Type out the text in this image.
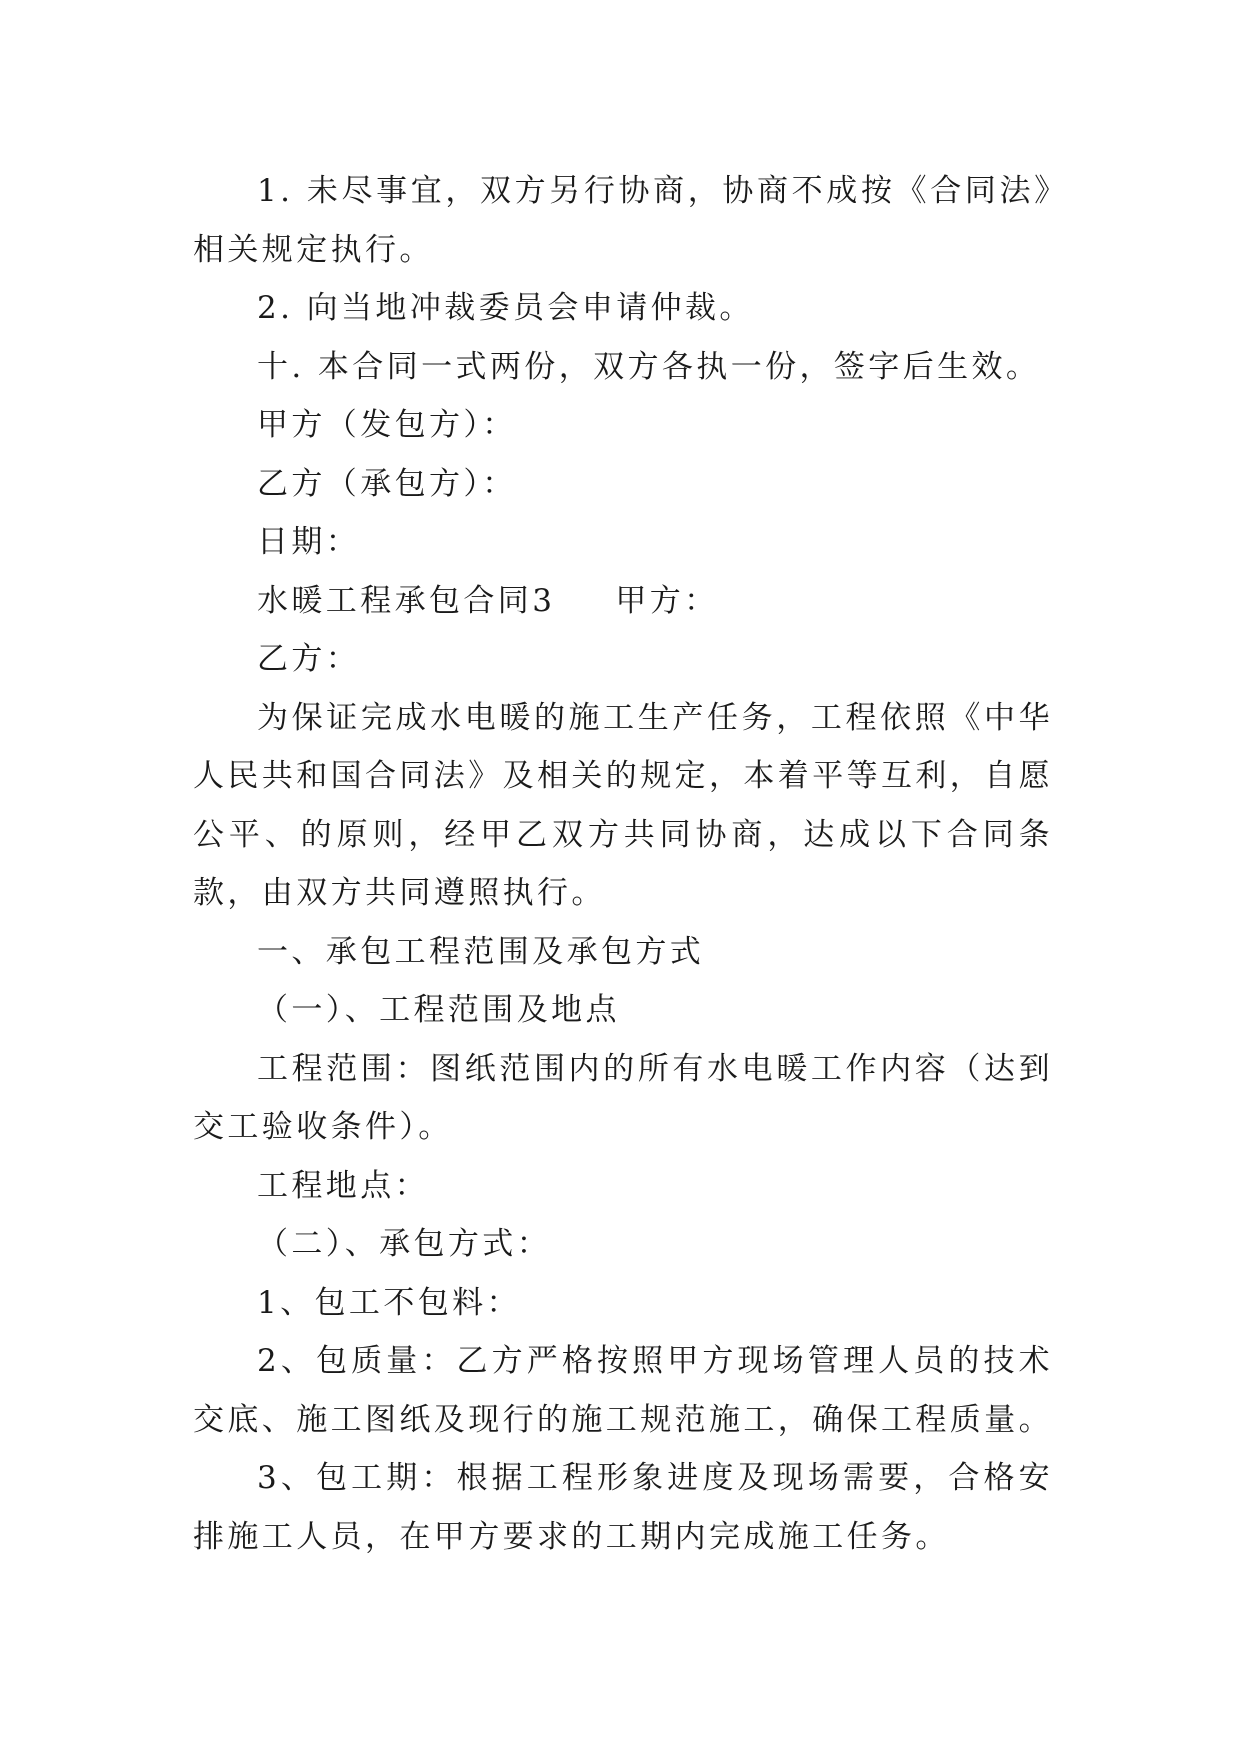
1. 未尽事宜，双方另行协商，协商不成按《合同法》相关规定执行。

2. 向当地冲裁委员会申请仲裁。

十. 本合同一式两份，双方各执一份，签字后生效。

甲方（发包方）：

乙方（承包方）：

日期：

水暖工程承包合同3 甲方：

乙方：

为保证完成水电暖的施工生产任务，工程依照《中华人民共和国合同法》及相关的规定，本着平等互利，自愿公平、的原则，经甲乙双方共同协商，达成以下合同条款，由双方共同遵照执行。

一、承包工程范围及承包方式

（一）、工程范围及地点

工程范围：图纸范围内的所有水电暖工作内容（达到交工验收条件）。

工程地点：

（二）、承包方式：

1、包工不包料：

2、包质量：乙方严格按照甲方现场管理人员的技术交底、施工图纸及现行的施工规范施工，确保工程质量。

3、包工期：根据工程形象进度及现场需要，合格安排施工人员，在甲方要求的工期内完成施工任务。
